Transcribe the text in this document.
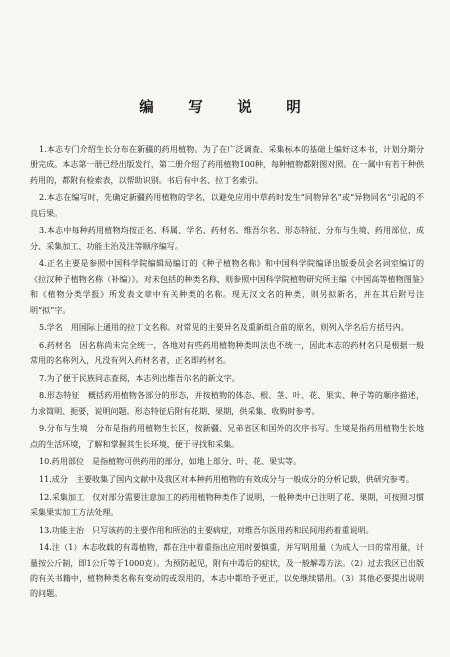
编　写　说　明

1.本志专门介绍生长分布在新疆的药用植物。为了在广泛调查、采集标本的基础上编好这本书，计划分期分册完成。本志第一册已经出版发行，第二册介绍了药用植物100种，每种植物都附图对照。在一属中有若干种供药用的，都附有检索表，以帮助识别。书后有中名、拉丁名索引。

2.本志在编写时，先确定新疆药用植物的学名，以避免应用中草药时发生“同物异名”或“异物同名”引起的不良后果。

3.本志中每种药用植物均按正名、科属、学名、药材名、维吾尔名、形态特征、分布与生境、药用部位、成分、采集加工、功能主治及注等顺序编写。

4.正名主要是参照中国科学院编辑局编订的《种子植物名称》和中国科学院编译出版委员会名词室编订的《拉汉种子植物名称（补编）》。对未包括的种类名称，则参照中国科学院植物研究所主编《中国高等植物图鉴》和《植物分类学报》所发表文章中有关种类的名称。现无汉文名的种类，则另拟新名，并在其后附号注明“拟”字。

5.学名　用国际上通用的拉丁文名称。对常见的主要异名及重新组合前的原名，则列入学名后方括号内。

6.药材名　因名称尚未完全统一，各地对有些药用植物种类叫法也不统一，因此本志的药材名只是根据一般常用的名称列入，凡没有列入药材名者，正名即药材名。

7.为了便于民族同志查阅，本志列出维吾尔名的新文字。

8.形态特征　概括药用植物各部分的形态，并按植物的体态、根、茎、叶、花、果实、种子等的顺序描述，力求简明、扼要，说明问题。形态特征后附有花期、果期，供采集、收购时参考。

9.分布与生境　分布是指药用植物生长区，按新疆、兄弟省区和国外的次序书写。生境是指药用植物生长地点的生活环境，了解和掌握其生长环境，便于寻找和采集。

10.药用部位　是指植物可供药用的部分，如地上部分、叶、花、果实等。

11.成分　主要收集了国内文献中及我区对本种药用植物的有效成分与一般成分的分析记载，供研究参考。

12.采集加工　仅对部分需要注意加工的药用植物种类作了说明，一般种类中已注明了花、果期，可按照习惯采集果实加工方法处理。

13.功能主治　只写该药的主要作用和所治的主要病症，对维吾尔医用药和民间用药着重说明。

14.注（1）本志收载的有毒植物，都在注中着重指出应用时要慎重，并写明用量（为成人一日的常用量，计量按公斤制，即1公斤等于1000克）。为预防起见，附有中毒后的症状，及一般解毒方法。（2）过去我区已出版的有关书籍中，植物种类名称有变动的或误用的，本志中都给予更正，以免继续错用。（3）其他必要提出说明的问题。
